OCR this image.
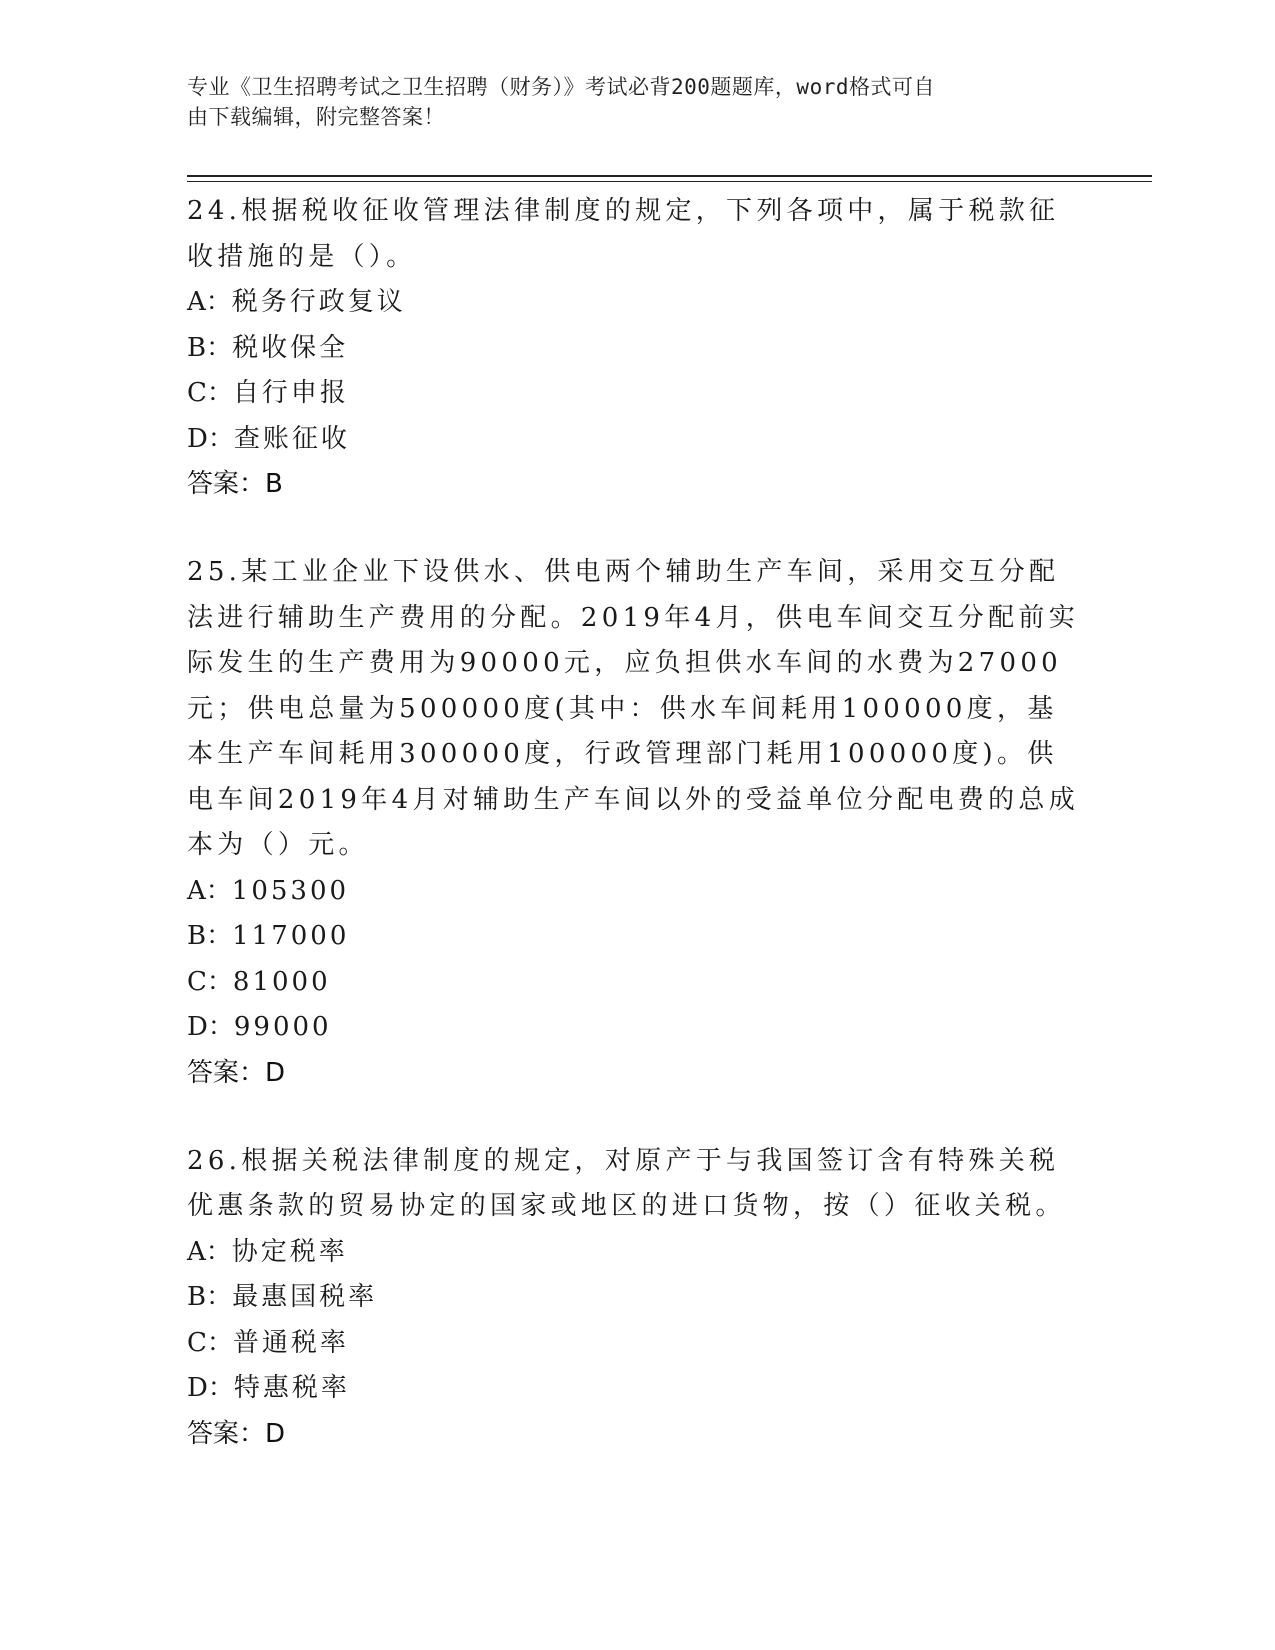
专业《卫生招聘考试之卫生招聘（财务）》考试必背200题题库，word格式可自
由下载编辑，附完整答案！
24.根据税收征收管理法律制度的规定，下列各项中，属于税款征收措施的是（）。
A：税务行政复议
B：税收保全
C：自行申报
D：查账征收
答案：B
25.某工业企业下设供水、供电两个辅助生产车间，采用交互分配法进行辅助生产费用的分配。2019年4月，供电车间交互分配前实际发生的生产费用为90000元，应负担供水车间的水费为27000元；供电总量为500000度(其中：供水车间耗用100000度，基本生产车间耗用300000度，行政管理部门耗用100000度)。供电车间2019年4月对辅助生产车间以外的受益单位分配电费的总成本为（）元。
A：105300
B：117000
C：81000
D：99000
答案：D
26.根据关税法律制度的规定，对原产于与我国签订含有特殊关税优惠条款的贸易协定的国家或地区的进口货物，按（）征收关税。
A：协定税率
B：最惠国税率
C：普通税率
D：特惠税率
答案：D
